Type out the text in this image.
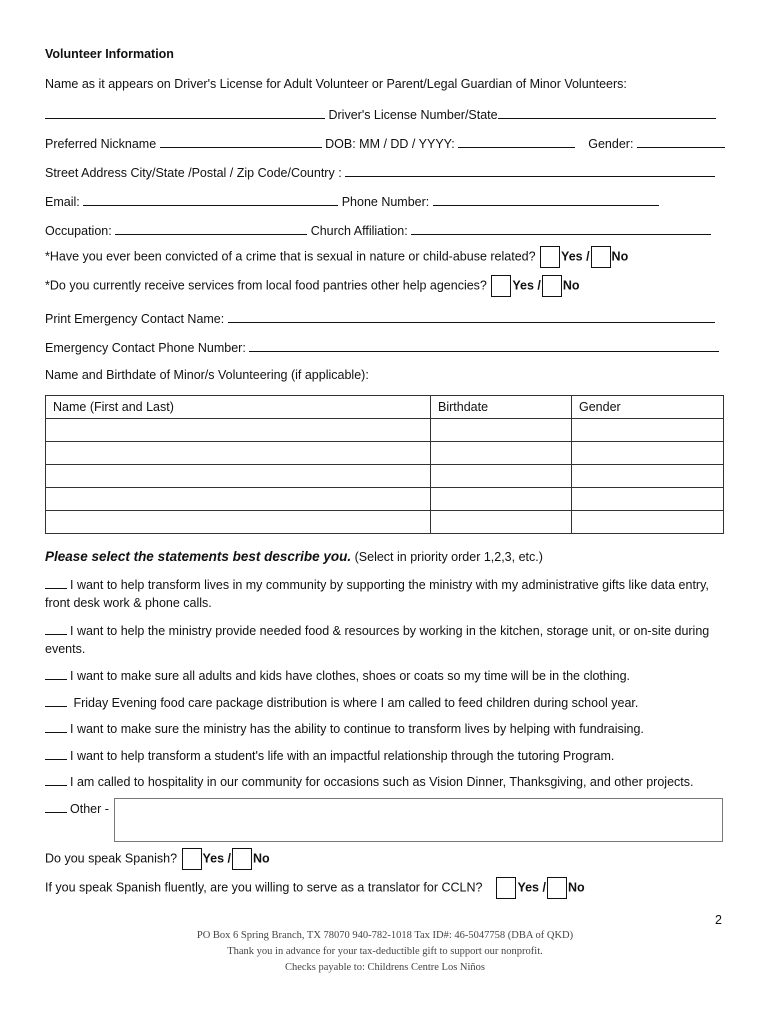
Volunteer Information
Name as it appears on Driver's License for Adult Volunteer or Parent/Legal Guardian of Minor Volunteers:
Driver's License Number/State
Preferred Nickname	DOB: MM / DD / YYYY:	Gender:
Street Address City/State /Postal / Zip Code/Country :
Email:	Phone Number:
Occupation:	Church Affiliation:
*Have you ever been convicted of a crime that is sexual in nature or child-abuse related? Yes / No
*Do you currently receive services from local food pantries other help agencies? Yes / No
Print Emergency Contact Name:
Emergency Contact Phone Number:
Name and Birthdate of Minor/s Volunteering (if applicable):
Name (First and Last)	Birthdate	Gender

Please select the statements best describe you. (Select in priority order 1,2,3, etc.)
I want to help transform lives in my community by supporting the ministry with my administrative gifts like data entry, front desk work & phone calls.
I want to help the ministry provide needed food & resources by working in the kitchen, storage unit, or on-site during events.
I want to make sure all adults and kids have clothes, shoes or coats so my time will be in the clothing.
Friday Evening food care package distribution is where I am called to feed children during school year.
I want to make sure the ministry has the ability to continue to transform lives by helping with fundraising.
I want to help transform a student's life with an impactful relationship through the tutoring Program.
I am called to hospitality in our community for occasions such as Vision Dinner, Thanksgiving, and other projects.
Other -
Do you speak Spanish? Yes / No
If you speak Spanish fluently, are you willing to serve as a translator for CCLN?	Yes / No
2
PO Box 6 Spring Branch, TX 78070 940-782-1018 Tax ID#: 46-5047758 (DBA of QKD)
Thank you in advance for your tax-deductible gift to support our nonprofit.
Checks payable to: Childrens Centre Los Niños
